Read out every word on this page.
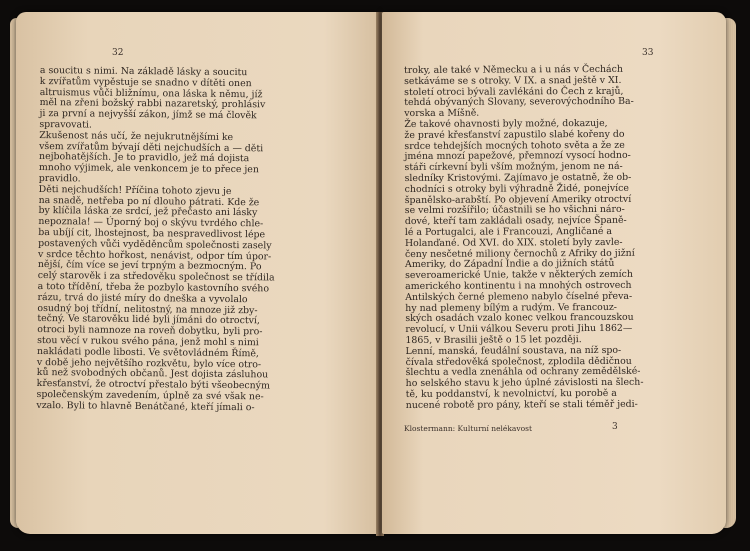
32
a soucitu s nimi. Na základě lásky a soucitu
k zvířatům vypěstuje se snadno v dítěti onen
altruismus vůči bližnímu, ona láska k němu, jíž
měl na zřeni božský rabbi nazaretský, prohlásiv
ji za první a nejvyšší zákon, jímž se má člověk
spravovati.
Zkušenost nás učí, že nejukrutnějšími ke
všem zvířatům bývají děti nejchudších a — děti
nejbohatějších. Je to pravidlo, jež má dojista
mnoho výjimek, ale venkoncem je to přece jen
pravidlo.
Děti nejchudších! Příčina tohoto zjevu je
na snadě, netřeba po ní dlouho pátrati. Kde že
by klíčila láska ze srdcí, jež přečasto ani lásky
nepoznala! — Úporný boj o skývu tvrdého chle-
ba ubíjí cit, lhostejnost, ba nespravedlivost lépe
postavených vůči vyděděncům společnosti zasely
v srdce těchto hořkost, nenávist, odpor tím úpor-
nější, čím více se jeví trpným a bezmocným. Po
celý starověk i za středověku společnost se třídila
a toto třídění, třeba že pozbylo kastovního svého
rázu, trvá do jisté míry do dneška a vyvolalo
osudný boj třídní, nelitostný, na mnoze již zby-
tečný. Ve starověku lidé byli jímáni do otroctví,
otroci byli namnoze na roveň dobytku, byli pro-
stou věcí v rukou svého pána, jenž mohl s nimi
nakládati podle libosti. Ve světovládném Římě,
v době jeho největšího rozkvětu, bylo více otro-
ků než svobodných občanů. Jest dojista zásluhou
křesťanství, že otroctví přestalo býti všeobecným
společenským zavedením, úplně za své však ne-
vzalo. Byli to hlavně Benátčané, kteří jímali o-
33
troky, ale také v Německu a i u nás v Čechách
setkáváme se s otroky. V IX. a snad ještě v XI.
století otroci bývali zavlékáni do Čech z krajů,
tehdá obývaných Slovany, severovýchodního Ba-
vorska a Míšně.
Že takové ohavnosti byly možné, dokazuje,
že pravé křesťanství zapustilo slabé kořeny do
srdce tehdejších mocných tohoto světa a že ze
jména mnozí papežové, přemnozí vysocí hodno-
stáři církevní byli vším možným, jenom ne ná-
sledníky Kristovými. Zajímavo je ostatně, že ob-
chodníci s otroky byli výhradně Židé, ponejvíce
španělsko-arabští. Po objevení Ameriky otroctví
se velmi rozšířilo; účastnili se ho všichni náro-
dové, kteří tam zakládali osady, nejvíce Španě-
lé a Portugalci, ale i Francouzi, Angličané a
Holanďané. Od XVI. do XIX. století byly zavle-
čeny nesčetné miliony černochů z Afriky do jižní
Ameriky, do Západní Indie a do jižních států
severoamerické Unie, takže v některých zemích
amerického kontinentu i na mnohých ostrovech
Antilských černé plemeno nabylo číselné převa-
hy nad plemeny bílým a rudým. Ve francouz-
ských osadách vzalo konec velkou francouzskou
revolucí, v Unii válkou Severu proti Jihu 1862—
1865, v Brasilii ještě o 15 let později.
Lenní, manská, feudální soustava, na níž spo-
čívala středověká společnost, zplodila dědičnou
šlechtu a vedla znenáhla od ochrany zemědělské-
ho selského stavu k jeho úplné závislosti na šlech-
tě, ku poddanství, k nevolnictví, ku porobě a
nucené robotě pro pány, kteří se stali téměř jedi-
Klostermann: Kulturní nelékavost	3
